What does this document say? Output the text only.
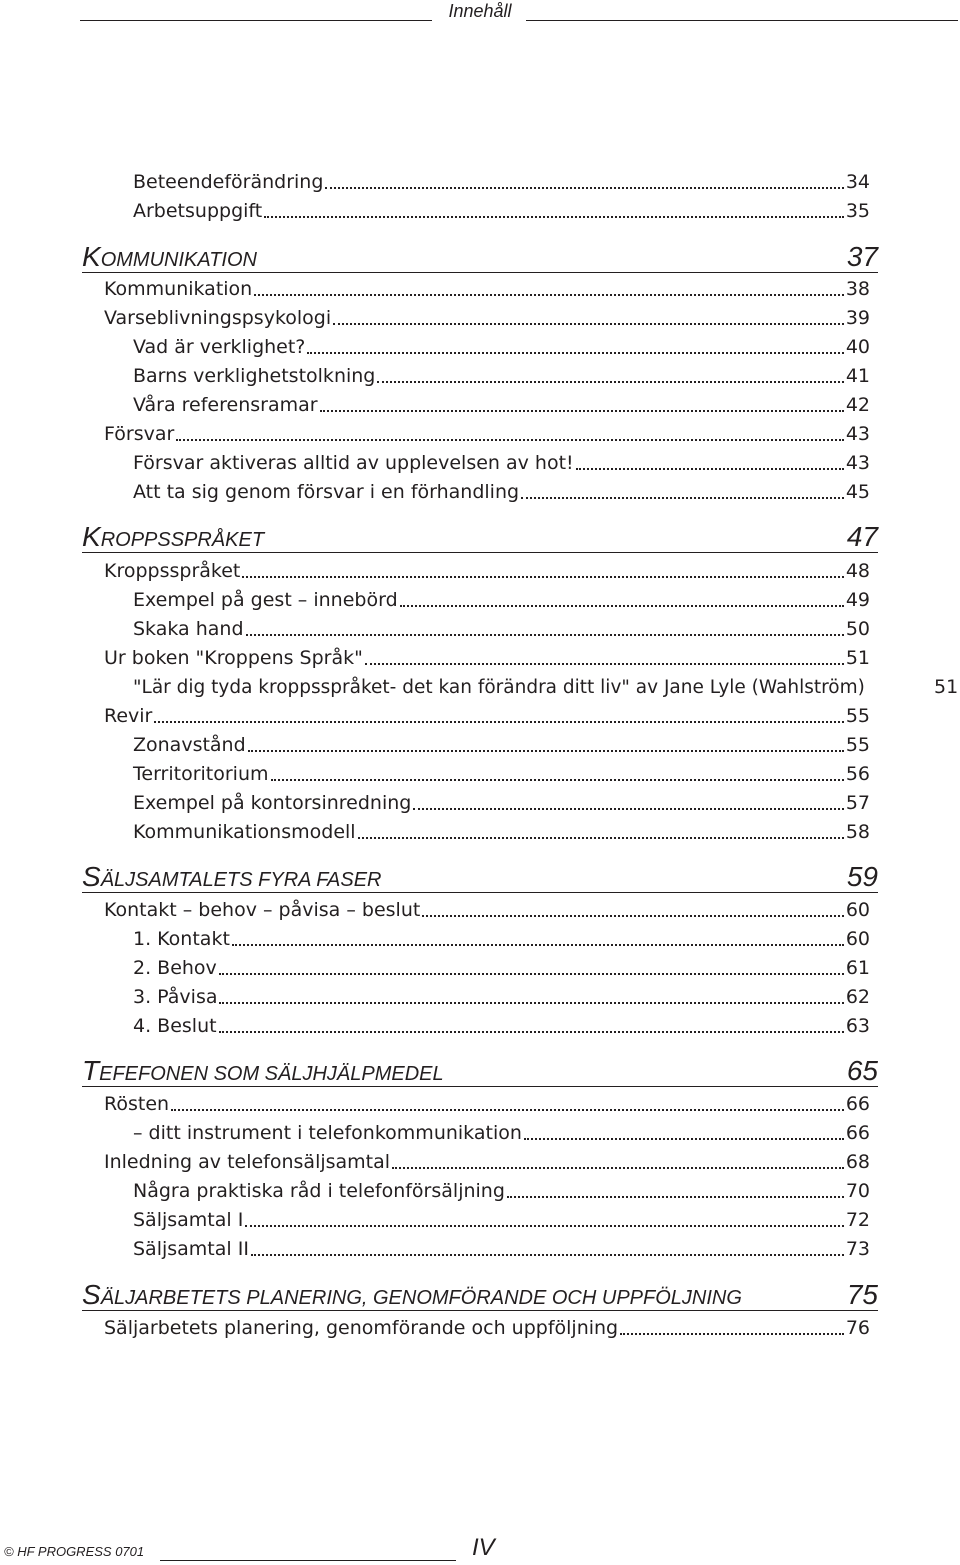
Innehåll
Beteendeförändring	34
Arbetsuppgift	35
KOMMUNIKATION	37
Kommunikation	38
Varseblivningspsykologi	39
Vad är verklighet?	40
Barns verklighetstolkning	41
Våra referensramar	42
Försvar	43
Försvar aktiveras alltid av upplevelsen av hot!	43
Att ta sig genom försvar i en förhandling	45
KROPPSSPRÅKET	47
Kroppsspråket	48
Exempel på gest – innebörd	49
Skaka hand	50
Ur boken "Kroppens Språk"	51
"Lär dig tyda kroppsspråket- det kan förändra ditt liv" av Jane Lyle (Wahlström)	51
Revir	55
Zonavstånd	55
Territoritorium	56
Exempel på kontorsinredning	57
Kommunikationsmodell	58
SÄLJSAMTALETS FYRA FASER	59
Kontakt – behov – påvisa – beslut	60
1. Kontakt	60
2. Behov	61
3. Påvisa	62
4. Beslut	63
TEFEFONEN SOM SÄLJHJÄLPMEDEL	65
Rösten	66
– ditt instrument i telefonkommunikation	66
Inledning av telefonsäljsamtal	68
Några praktiska råd i telefonförsäljning	70
Säljsamtal I	72
Säljsamtal II	73
SÄLJARBETETS PLANERING, GENOMFÖRANDE OCH UPPFÖLJNING	75
Säljarbetets planering, genomförande och uppföljning	76
© HF PROGRESS 0701	IV
